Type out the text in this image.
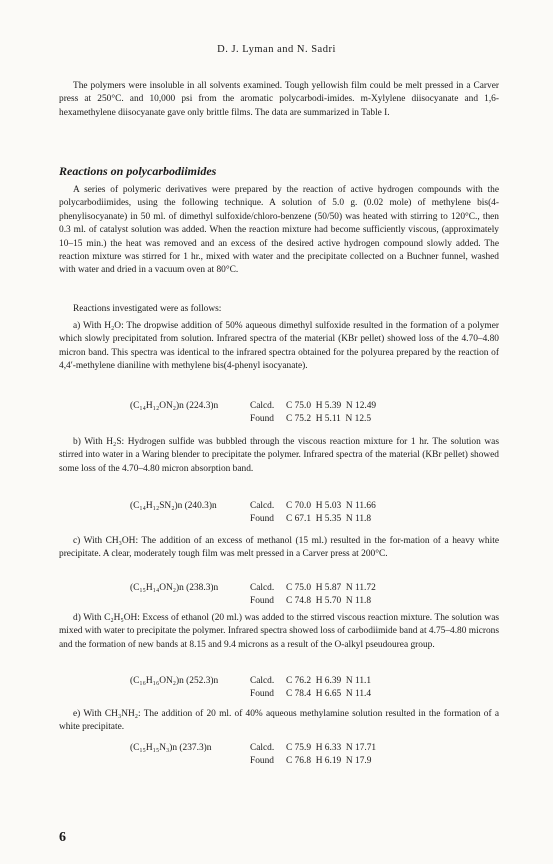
D. J. Lyman and N. Sadri

The polymers were insoluble in all solvents examined. Tough yellowish film could be melt pressed in a Carver press at 250°C. and 10,000 psi from the aromatic polycarbodi-imides. m-Xylylene diisocyanate and 1,6-hexamethylene diisocyanate gave only brittle films. The data are summarized in Table I.

Reactions on polycarbodiimides

A series of polymeric derivatives were prepared by the reaction of active hydrogen compounds with the polycarbodiimides, using the following technique. A solution of 5.0 g. (0.02 mole) of methylene bis(4-phenylisocyanate) in 50 ml. of dimethyl sulfoxide/chloro-benzene (50/50) was heated with stirring to 120°C., then 0.3 ml. of catalyst solution was added. When the reaction mixture had become sufficiently viscous, (approximately 10–15 min.) the heat was removed and an excess of the desired active hydrogen compound slowly added. The reaction mixture was stirred for 1 hr., mixed with water and the precipitate collected on a Buchner funnel, washed with water and dried in a vacuum oven at 80°C.

Reactions investigated were as follows:

a) With H₂O: The dropwise addition of 50% aqueous dimethyl sulfoxide resulted in the formation of a polymer which slowly precipitated from solution. Infrared spectra of the material (KBr pellet) showed loss of the 4.70–4.80 micron band. This spectra was identical to the infrared spectra obtained for the polyurea prepared by the reaction of 4,4′-methylene dianiline with methylene bis(4-phenyl isocyanate).

(C₁₄H₁₂ON₂)n (224.3)n	Calcd. C 75.0  H 5.39  N 12.49
Found C 75.2  H 5.11  N 12.5

b) With H₂S: Hydrogen sulfide was bubbled through the viscous reaction mixture for 1 hr. The solution was stirred into water in a Waring blender to precipitate the polymer. Infrared spectra of the material (KBr pellet) showed some loss of the 4.70–4.80 micron absorption band.

(C₁₄H₁₂SN₂)n (240.3)n	Calcd. C 70.0  H 5.03  N 11.66
Found C 67.1  H 5.35  N 11.8

c) With CH₃OH: The addition of an excess of methanol (15 ml.) resulted in the for-mation of a heavy white precipitate. A clear, moderately tough film was melt pressed in a Carver press at 200°C.

(C₁₅H₁₄ON₂)n (238.3)n	Calcd. C 75.0  H 5.87  N 11.72
Found C 74.8  H 5.70  N 11.8

d) With C₂H₅OH: Excess of ethanol (20 ml.) was added to the stirred viscous reaction mixture. The solution was mixed with water to precipitate the polymer. Infrared spectra showed loss of carbodiimide band at 4.75–4.80 microns and the formation of new bands at 8.15 and 9.4 microns as a result of the O-alkyl pseudourea group.

(C₁₆H₁₆ON₂)n (252.3)n	Calcd. C 76.2  H 6.39  N 11.1
Found C 78.4  H 6.65  N 11.4

e) With CH₃NH₂: The addition of 20 ml. of 40% aqueous methylamine solution resulted in the formation of a white precipitate.

(C₁₅H₁₅N₃)n (237.3)n	Calcd. C 75.9  H 6.33  N 17.71
Found C 76.8  H 6.19  N 17.9
6
